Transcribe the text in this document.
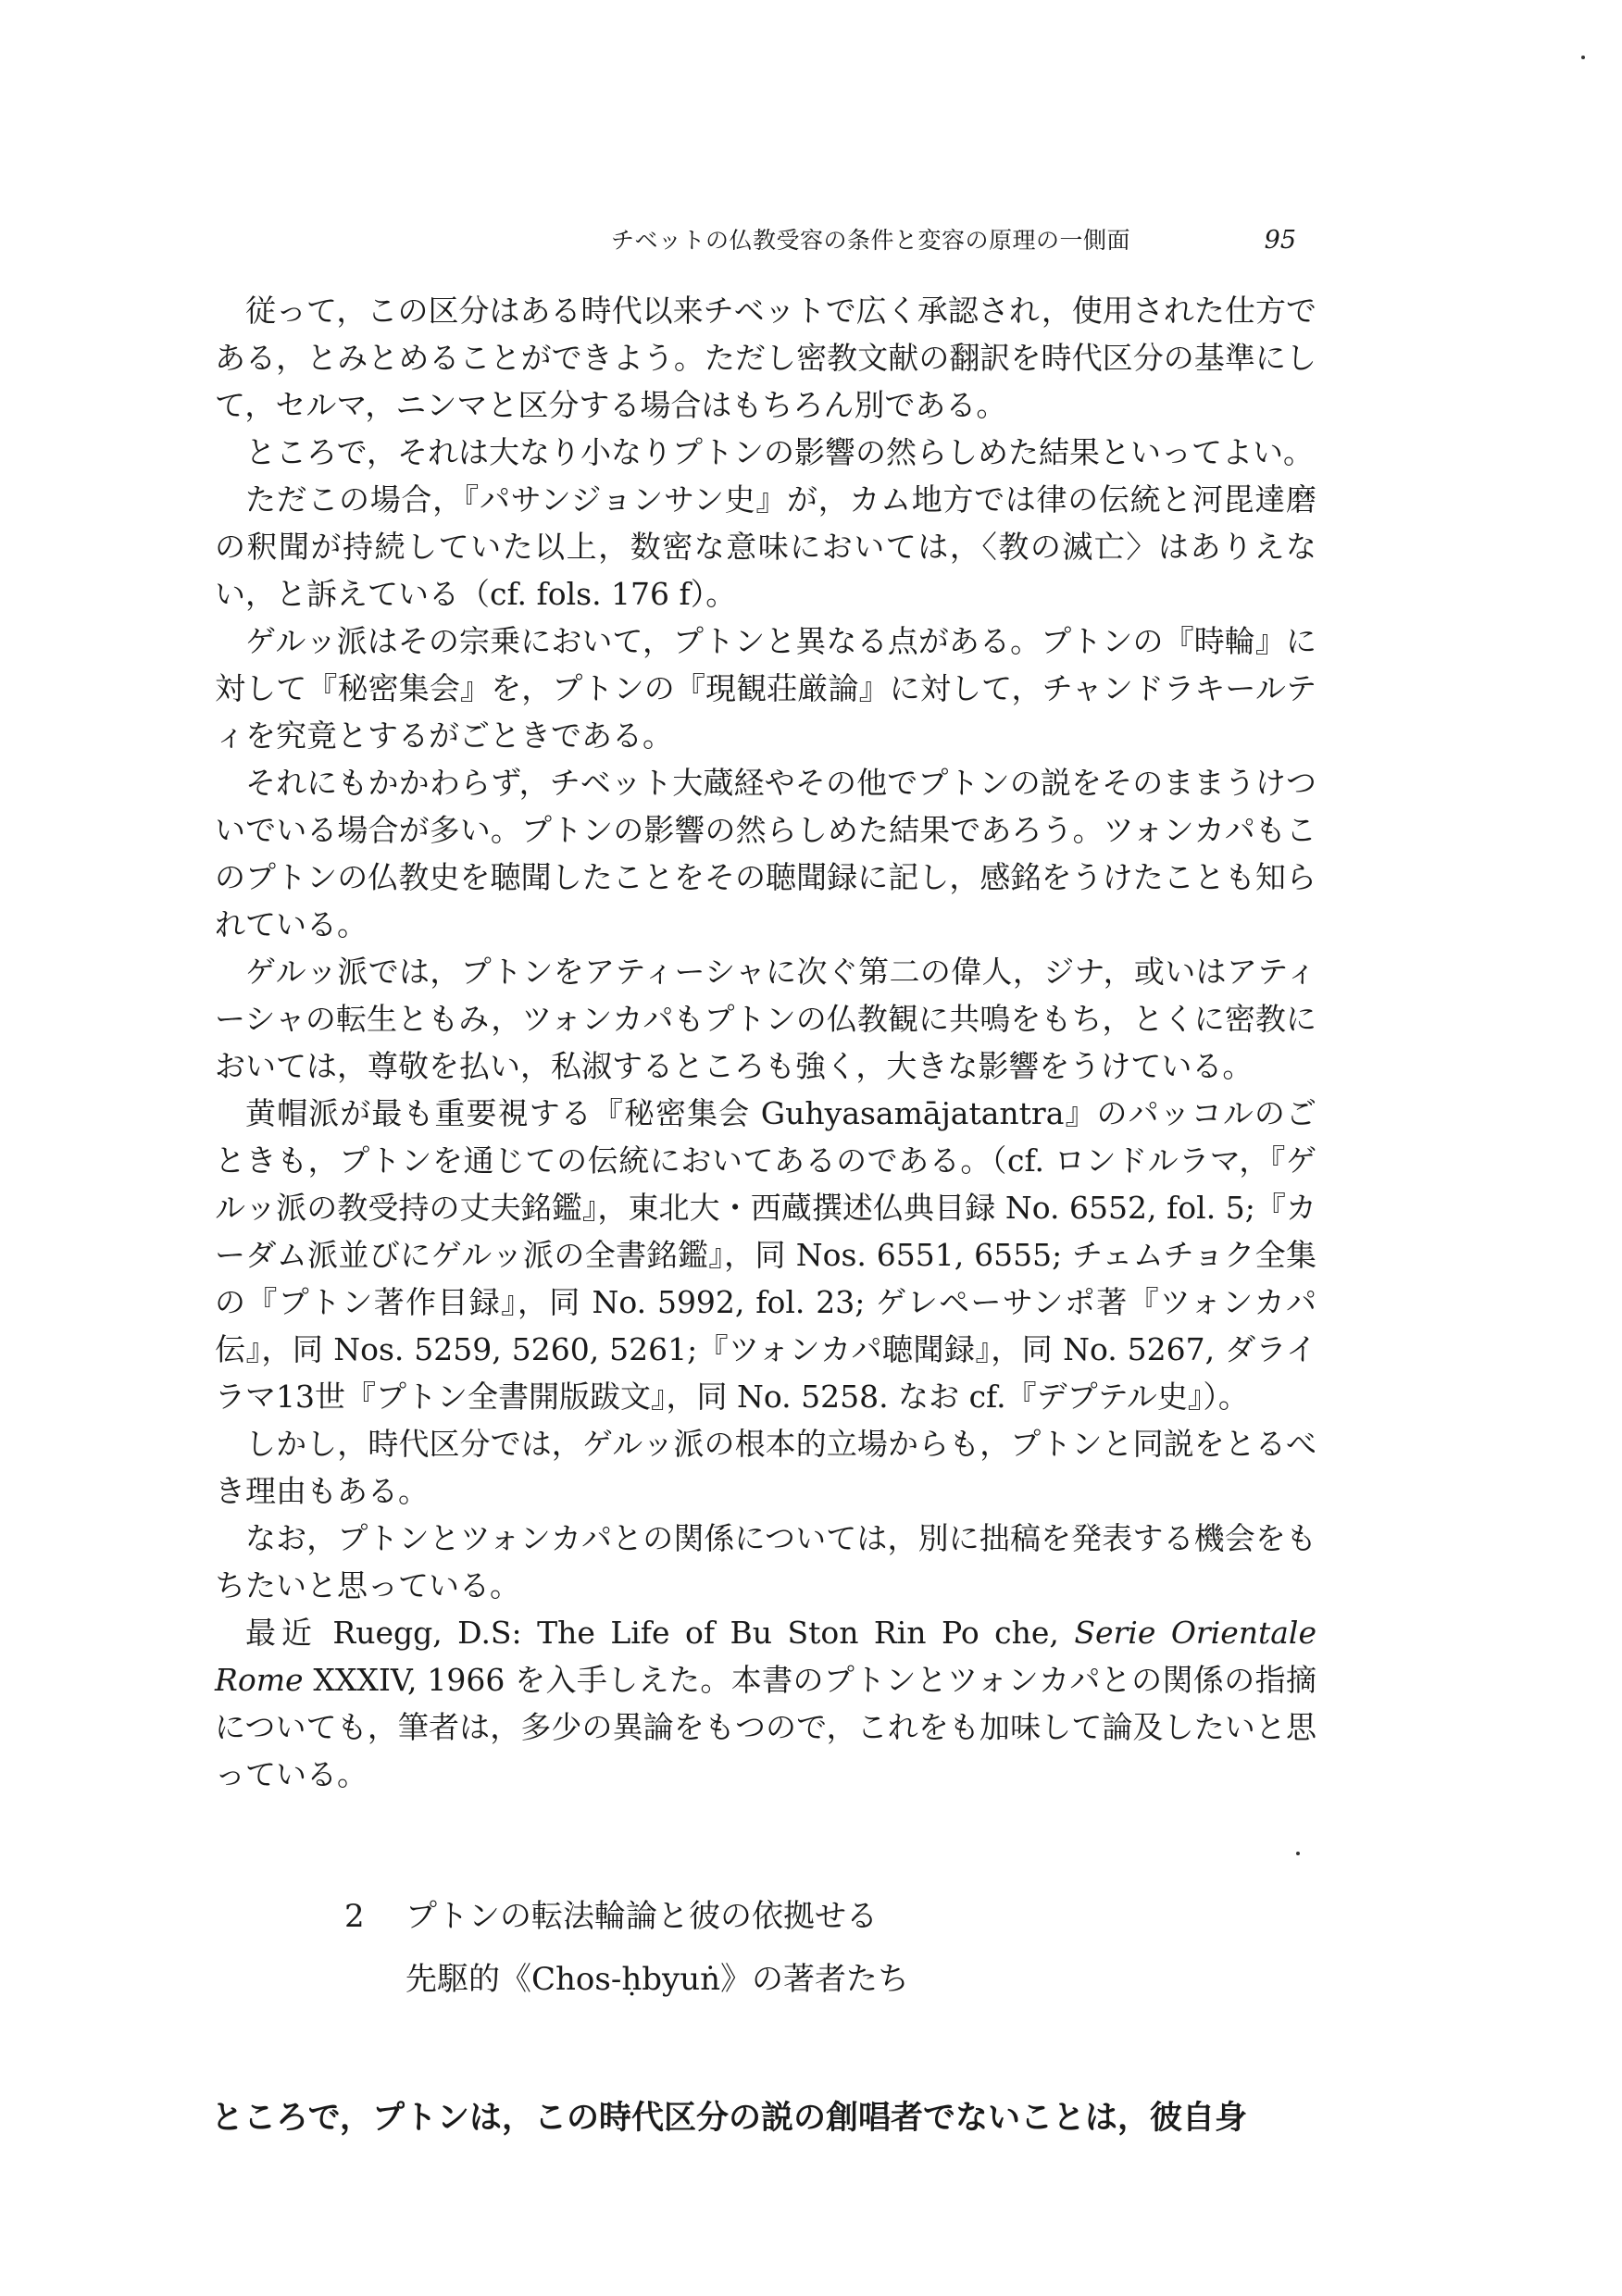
チベットの仏教受容の条件と変容の原理の一側面	95

従って，この区分はある時代以来チベットで広く承認され，使用された仕方である，とみとめることができよう。ただし密教文献の翻訳を時代区分の基準にして，セルマ，ニンマと区分する場合はもちろん別である。

ところで，それは大なり小なりプトンの影響の然らしめた結果といってよい。

ただこの場合，『パサンジョンサン史』が，カム地方では律の伝統と河毘達磨の釈聞が持続していた以上，数密な意味においては，〈教の滅亡〉はありえない，と訴えている（cf. fols. 176 f）。

ゲルッ派はその宗乗において，プトンと異なる点がある。プトンの『時輪』に対して『秘密集会』を，プトンの『現観荘厳論』に対して，チャンドラキールティを究竟とするがごときである。

それにもかかわらず，チベット大蔵経やその他でプトンの説をそのままうけついでいる場合が多い。プトンの影響の然らしめた結果であろう。ツォンカパもこのプトンの仏教史を聴聞したことをその聴聞録に記し，感銘をうけたことも知られている。

ゲルッ派では，プトンをアティーシャに次ぐ第二の偉人，ジナ，或いはアティーシャの転生ともみ，ツォンカパもプトンの仏教観に共鳴をもち，とくに密教においては，尊敬を払い，私淑するところも強く，大きな影響をうけている。

黄帽派が最も重要視する『秘密集会 Guhyasamājatantra』のパッコルのごときも，プトンを通じての伝統においてあるのである。（cf. ロンドルラマ，『ゲルッ派の教受持の丈夫銘鑑』，東北大・西蔵撰述仏典目録 No. 6552, fol. 5;『カーダム派並びにゲルッ派の全書銘鑑』，同 Nos. 6551, 6555; チェムチョク全集の『プトン著作目録』，同 No. 5992, fol. 23; ゲレペーサンポ著『ツォンカパ伝』，同 Nos. 5259, 5260, 5261;『ツォンカパ聴聞録』，同 No. 5267, ダライラマ13世『プトン全書開版跋文』，同 No. 5258. なお cf.『デプテル史』）。

しかし，時代区分では，ゲルッ派の根本的立場からも，プトンと同説をとるべき理由もある。

なお，プトンとツォンカパとの関係については，別に拙稿を発表する機会をもちたいと思っている。

最近 Ruegg, D.S: The Life of Bu Ston Rin Po che, Serie Orientale Rome XXXIV, 1966 を入手しえた。本書のプトンとツォンカパとの関係の指摘についても，筆者は，多少の異論をもつので，これをも加味して論及したいと思っている。

2 プトンの転法輪論と彼の依拠せる
先駆的《Chos-ḥbyuṅ》の著者たち
ところで，プトンは，この時代区分の説の創唱者でないことは，彼自身
